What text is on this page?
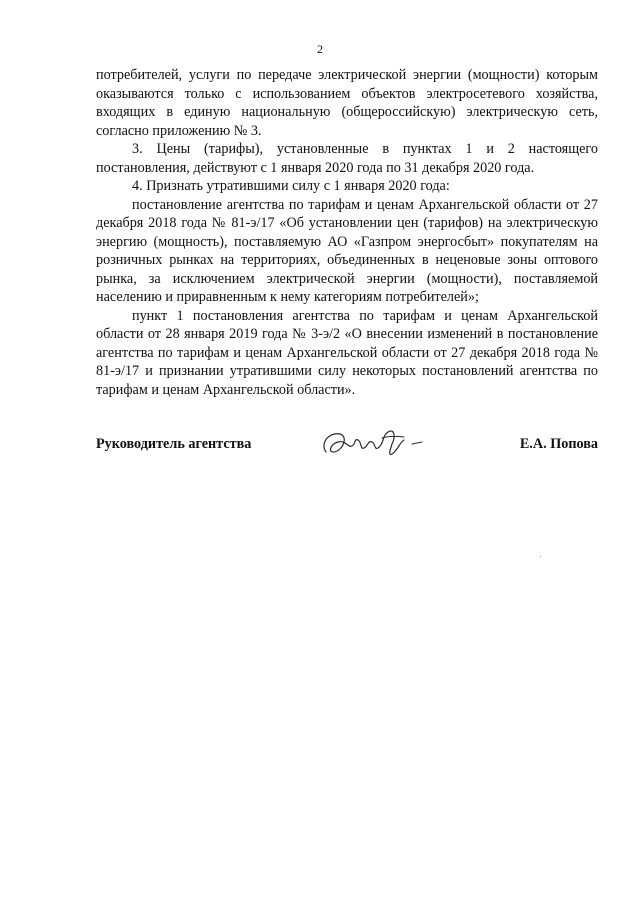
2

потребителей, услуги по передаче электрической энергии (мощности) которым оказываются только с использованием объектов электросетевого хозяйства, входящих в единую национальную (общероссийскую) электрическую сеть, согласно приложению № 3.

3. Цены (тарифы), установленные в пунктах 1 и 2 настоящего постановления, действуют с 1 января 2020 года по 31 декабря 2020 года.

4. Признать утратившими силу с 1 января 2020 года:

постановление агентства по тарифам и ценам Архангельской области от 27 декабря 2018 года № 81-э/17 «Об установлении цен (тарифов) на электрическую энергию (мощность), поставляемую АО «Газпром энергосбыт» покупателям на розничных рынках на территориях, объединенных в неценовые зоны оптового рынка, за исключением электрической энергии (мощности), поставляемой населению и приравненным к нему категориям потребителей»;

пункт 1 постановления агентства по тарифам и ценам Архангельской области от 28 января 2019 года № 3-э/2 «О внесении изменений в постановление агентства по тарифам и ценам Архангельской области от 27 декабря 2018 года № 81-э/17 и признании утратившими силу некоторых постановлений агентства по тарифам и ценам Архангельской области».

Руководитель агентства	Е.А. Попова
